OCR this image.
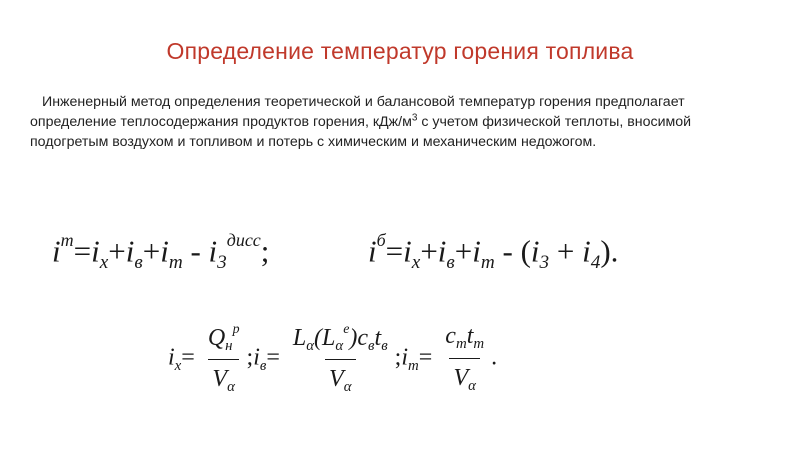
Определение температур горения топлива
Инженерный метод определения теоретической и балансовой температур горения предполагает определение теплосодержания продуктов горения, кДж/$м^3$ с учетом физической теплоты, вносимой подогретым воздухом и топливом и потерь с химическим и механическим недожогом.
$i^m=i_x+i_в+i_m - i_3^{дисс}$;	$i^б=i_x+i_в+i_m - (i_3 + i_4)$.
$i_x= \frac{Q_н^р}{V_\alpha}$ $;i_в= \frac{L_\alpha(L_\alpha^е)c_вt_в}{V_\alpha}$ $;i_m= \frac{c_mt_m}{V_\alpha}$ .
